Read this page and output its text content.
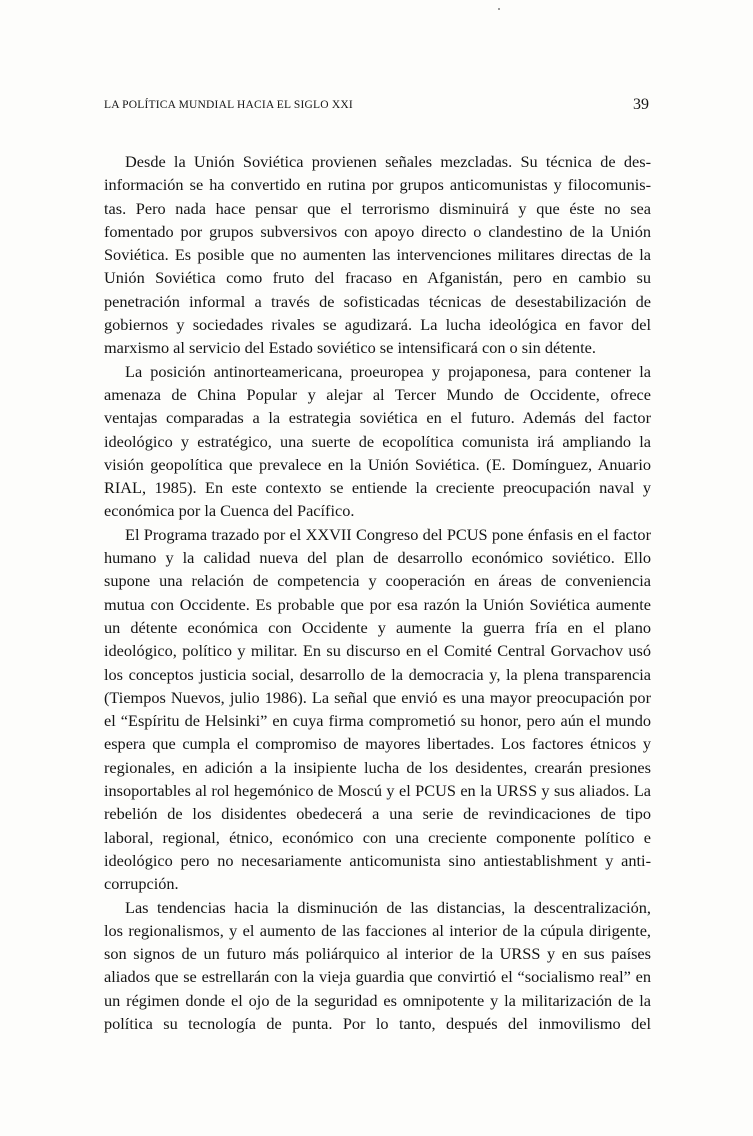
LA POLÍTICA MUNDIAL HACIA EL SIGLO XXI	39
Desde la Unión Soviética provienen señales mezcladas. Su técnica de des-
información se ha convertido en rutina por grupos anticomunistas y filocomunis-
tas. Pero nada hace pensar que el terrorismo disminuirá y que éste no sea
fomentado por grupos subversivos con apoyo directo o clandestino de la Unión
Soviética. Es posible que no aumenten las intervenciones militares directas de la
Unión Soviética como fruto del fracaso en Afganistán, pero en cambio su
penetración informal a través de sofisticadas técnicas de desestabilización de
gobiernos y sociedades rivales se agudizará. La lucha ideológica en favor del
marxismo al servicio del Estado soviético se intensificará con o sin détente.
La posición antinorteamericana, proeuropea y projaponesa, para contener la
amenaza de China Popular y alejar al Tercer Mundo de Occidente, ofrece
ventajas comparadas a la estrategia soviética en el futuro. Además del factor
ideológico y estratégico, una suerte de ecopolítica comunista irá ampliando la
visión geopolítica que prevalece en la Unión Soviética. (E. Domínguez, Anuario
RIAL, 1985). En este contexto se entiende la creciente preocupación naval y
económica por la Cuenca del Pacífico.
El Programa trazado por el XXVII Congreso del PCUS pone énfasis en el factor
humano y la calidad nueva del plan de desarrollo económico soviético. Ello
supone una relación de competencia y cooperación en áreas de conveniencia
mutua con Occidente. Es probable que por esa razón la Unión Soviética aumente
un détente económica con Occidente y aumente la guerra fría en el plano
ideológico, político y militar. En su discurso en el Comité Central Gorvachov usó
los conceptos justicia social, desarrollo de la democracia y, la plena transparencia
(Tiempos Nuevos, julio 1986). La señal que envió es una mayor preocupación por
el “Espíritu de Helsinki” en cuya firma comprometió su honor, pero aún el mundo
espera que cumpla el compromiso de mayores libertades. Los factores étnicos y
regionales, en adición a la insipiente lucha de los desidentes, crearán presiones
insoportables al rol hegemónico de Moscú y el PCUS en la URSS y sus aliados. La
rebelión de los disidentes obedecerá a una serie de revindicaciones de tipo
laboral, regional, étnico, económico con una creciente componente político e
ideológico pero no necesariamente anticomunista sino antiestablishment y anti-
corrupción.
Las tendencias hacia la disminución de las distancias, la descentralización,
los regionalismos, y el aumento de las facciones al interior de la cúpula dirigente,
son signos de un futuro más poliárquico al interior de la URSS y en sus países
aliados que se estrellarán con la vieja guardia que convirtió el “socialismo real” en
un régimen donde el ojo de la seguridad es omnipotente y la militarización de la
política su tecnología de punta. Por lo tanto, después del inmovilismo del
